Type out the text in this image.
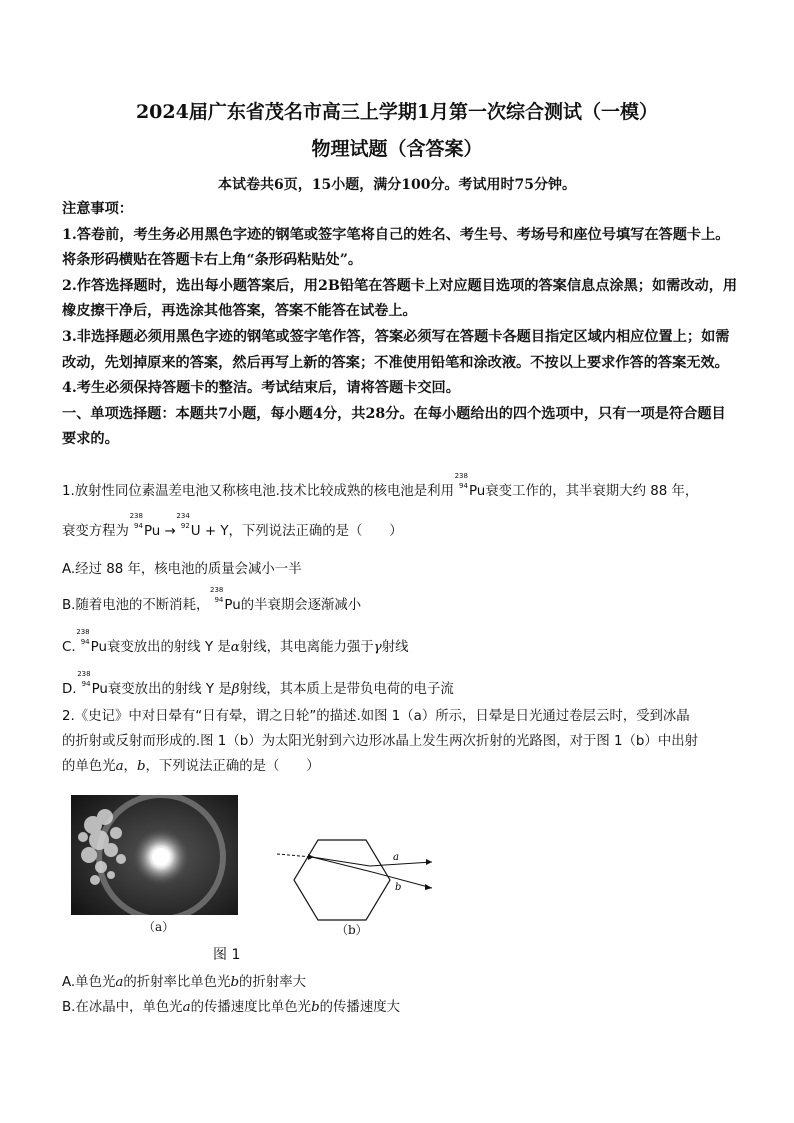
2024届广东省茂名市高三上学期1月第一次综合测试（一模）
物理试题（含答案）
本试卷共6页，15小题，满分100分。考试用时75分钟。

注意事项：

1.答卷前，考生务必用黑色字迹的钢笔或签字笔将自己的姓名、考生号、考场号和座位号填写在答题卡上。将条形码横贴在答题卡右上角“条形码粘贴处”。

2.作答选择题时，选出每小题答案后，用2B铅笔在答题卡上对应题目选项的答案信息点涂黑；如需改动，用橡皮擦干净后，再选涂其他答案，答案不能答在试卷上。

3.非选择题必须用黑色字迹的钢笔或签字笔作答，答案必须写在答题卡各题目指定区域内相应位置上；如需改动，先划掉原来的答案，然后再写上新的答案；不准使用铅笔和涂改液。不按以上要求作答的答案无效。

4.考生必须保持答题卡的整洁。考试结束后，请将答题卡交回。

一、单项选择题：本题共7小题，每小题4分，共28分。在每小题给出的四个选项中，只有一项是符合题目要求的。

1.放射性同位素温差电池又称核电池.技术比较成熟的核电池是利用
238
94 Pu衰变工作的，其半衰期大约 88 年，

衰变方程为
238
94 Pu →
234
92 U + Y，下列说法正确的是（　　）

A.经过 88 年，核电池的质量会减小一半

B.随着电池的不断消耗，
238
94 Pu的半衰期会逐渐减小

C.
238
94 Pu衰变放出的射线 Y 是α射线，其电离能力强于γ射线

D.
238
94 Pu衰变放出的射线 Y 是β射线，其本质上是带负电荷的电子流

2.《史记》中对日晕有“日有晕，谓之日轮”的描述.如图 1（a）所示，日晕是日光通过卷层云时，受到冰晶

的折射或反射而形成的.图 1（b）为太阳光射到六边形冰晶上发生两次折射的光路图，对于图 1（b）中出射

的单色光a，b，下列说法正确的是（　　）

（a）
a
b
（b）
图 1

A.单色光a的折射率比单色光b的折射率大

B.在冰晶中，单色光a的传播速度比单色光b的传播速度大
